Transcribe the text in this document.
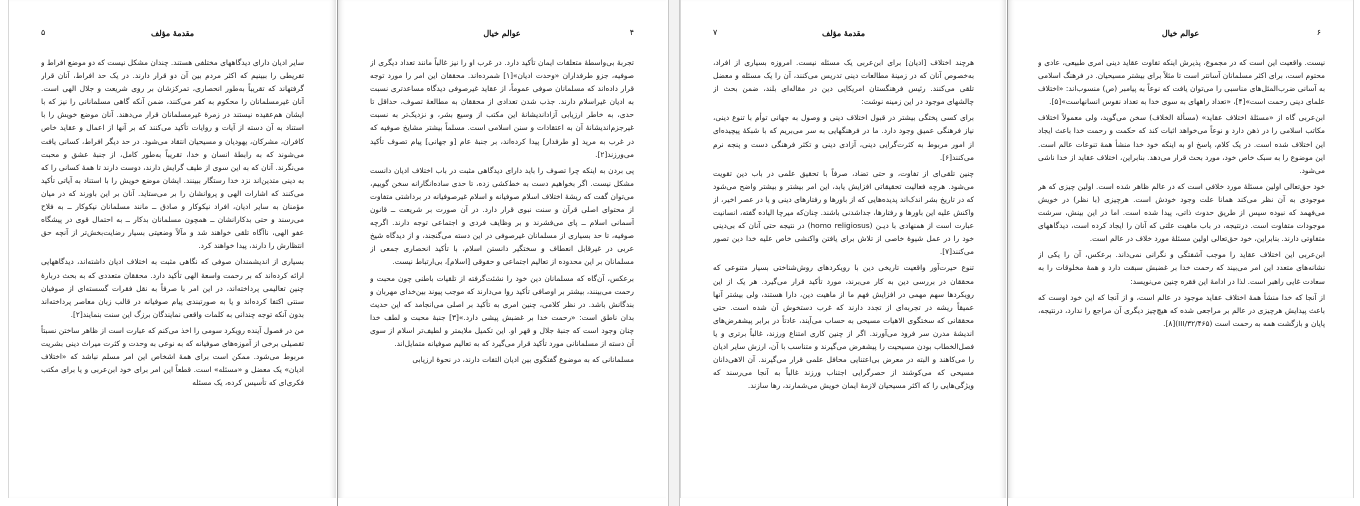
۵	مقدمهٔ مؤلف

سایر ادیان دارای دیدگاههای مختلفی هستند. چندان مشکل نیست که دو موضع افراط و تفریطی را ببینیم که اکثر مردم بین آن دو قرار دارند. در یک حد افراط، آنان قرار گرفتهاند که تقریباً به‌طور انحصاری، تمرکزشان بر روی شریعت و جلال الهی است. آنان غیرمسلمانان را محکوم به کفر می‌کنند، ضمن آنکه گاهی مسلمانانی را نیز که با ایشان هم‌عقیده نیستند در زمرهٔ غیرمسلمانان قرار می‌دهند. آنان موضع خویش را با استناد به آن دسته از آیات و روایات تأکید می‌کنند که بر آنها از اعمال و عقاید خاص کافران، مشرکان، یهودیان و مسیحیان انتقاد می‌شود. در حد دیگر افراط، کسانی یافت می‌شوند که به رابطهٔ انسان و خدا، تقریباً به‌طور کامل، از جنبهٔ عشق و محبت می‌نگرند. آنان که به این سوی از طیف گرایش دارند، دوست دارند تا همهٔ کسانی را که به دینی متدین‌اند نزد خدا رستگار ببینند. ایشان موضع خویش را با استناد به آیاتی تأکید می‌کنند که اشارات الهی و پروانشان را بر می‌ستاید. آنان بر این باورند که در میان مؤمنان به سایر ادیان، افراد نیکوکار و صادق ــ مانند مسلمانان نیکوکار ــ به فلاح می‌رسند و حتی بدکارانشان ــ همچون مسلمانان بدکار ــ به احتمال قوی در پیشگاه عفو الهی، ناآگاه تلقی خواهند شد و مآلاً وضعیتی بسیار رضایت‌بخش‌تر از آنچه حق انتظارش را دارند، پیدا خواهند کرد.

بسیاری از اندیشمندان صوفی که نگاهی مثبت به اختلاف ادیان داشته‌اند، دیدگاههایی ارائه کرده‌اند که بر رحمت واسعهٔ الهی تأکید دارد. محققان متعددی که به بحث دربارهٔ چنین تعالیمی پرداخته‌اند، در این امر با صرفاً به نقل فقرات گسسته‌ای از صوفیان سنتی اکتفا کرده‌اند و یا به صورتبندی پیام صوفیانه در قالب زبان معاصر پرداخته‌اند بدون آنکه توجه چندانی به کلمات واقعی نمایندگان برزگ این سنت بنمایند[۲].

من در فصول آینده رویکرد سومی را اخذ می‌کنم که عبارت است از ظاهر ساختن نسبتاً تفصیلی برخی از آموزه‌های صوفیانه که به نوعی به وحدت و کثرت میراث دینی بشریت مربوط می‌شود. ممکن است برای همهٔ اشخاص این امر مسلم نباشد که «اختلاف ادیان» یک معضل و «مسئله» است. قطعاً این امر برای خود ابن‌عربی و یا برای مکتب فکری‌ای که تأسیس کرده، یک مسئله

عوالم خیال	۴

تجربهٔ بی‌واسطهٔ متعلقات ایمان تأکید دارد. در غرب او را نیز غالباً مانند تعداد دیگری از صوفیه، جزو طرفداران «وحدت ادیان»[۱] شمرده‌اند. محققان این امر را مورد توجه قرار داده‌اند که مسلمانان صوفی عموماً، از عقاید غیرصوفی دیدگاه مساعدتری نسبت به ادیان غیراسلام دارند. جذب شدن تعدادی از محققان به مطالعهٔ تصوف، حداقل تا حدی، به خاطر ارزیابی آزاداندیشانهٔ این مکتب از وسیع بشر، و نزدیک‌تر به نسبت غیرجزم‌اندیشانهٔ آن به اعتقادات و سنن اسلامی است. مسلماً بیشتر مشایخ صوفیه که در غرب به مرید [و طرفدار] پیدا کرده‌اند، بر جنبهٔ عام [و جهانی] پیام تصوف تأکید می‌ورزند[۲].

پی بردن به اینکه چرا تصوف را باید دارای دیدگاهی مثبت در باب اختلاف ادیان دانست مشکل نیست. اگر بخواهیم دست به خط‌کشی زده، تا حدی ساده‌انگارانه سخن گوییم، می‌توان گفت که ریشهٔ اختلاف اسلام صوفیانه و اسلام غیرصوفیانه در برداشتی متفاوت از محتوای اصلی قرآن و سنت نبوی قرار دارد. در آن صورت بر شریعت ــ قانون آسمانی اسلام ــ پای می‌فشرند و بر وظایف فردی و اجتماعی توجه دارند. اگرچه صوفیه، تا حد بسیاری از مسلمانان غیرصوفی در این دسته می‌گنجند، و از دیدگاه شیخ عربی در غیرقابل انعطاف و سختگیر دانستن اسلام، با تأکید انحصاری جمعی از مسلمانان بر این محدوده از تعالیم اجتماعی و حقوقی [اسلام]، بی‌ارتباط نیست.

برعکس، آن‌گاه که مسلمانان دین خود را نشئت‌گرفته از تلقیات باطنی چون محبت و رحمت می‌بینند، بیشتر بر اوصافی تأکید روا می‌دارند که موجب پیوند بین‌خدای مهربان و بندگانش باشد. در نظر کلامی، چنین امری به تأکید بر اصلی می‌انجامد که این حدیث بدان ناطق است: «رحمت خدا بر غضبش پیشی دارد.»[۳] جنبهٔ محبت و لطف خدا چنان وجود است که جنبهٔ جلال و قهر او. این تکمیل ملایمتر و لطیف‌تر اسلام از سوی آن دسته از مسلمانانی مورد تأکید قرار می‌گیرد که به تعالیم صوفیانه متمایل‌اند.

مسلمانانی که به موضوع گفتگوی بین ادیان التفات دارند، در نحوهٔ ارزیابی

۷	مقدمهٔ مؤلف

هرچند اختلاف [ادیان] برای ابن‌عربی یک مسئله نیست. امروزه بسیاری از افراد، به‌خصوص آنان که در زمینهٔ مطالعات دینی تدریس می‌کنند، آن را یک مسئله و معضل تلقی می‌کنند. رئیس فرهنگستان امریکایی دین در مقاله‌ای بلند، ضمن بحث از چالشهای موجود در این زمینه نوشت:

برای کسی پختگی بیشتر در قبول اختلاف دینی و وصول به جهانی توأم با تنوع دینی، نیاز فرهنگی عمیق وجود دارد. ما در فرهنگهایی به سر می‌بریم که با شبکهٔ پیچیده‌ای از امور مربوط به کثرت‌گرایی دینی، آزادی دینی و تکثر فرهنگی دست و پنجه نرم می‌کنند[۶].

چنین تلقی‌ای از تفاوت، و حتی تضاد، صرفاً با تحقیق علمی در باب دین تقویت می‌شود. هرچه فعالیت تحقیقاتی افزایش یابد، این امر بیشتر و بیشتر واضح می‌شود که در تاریخ بشر اندک‌اند پدیده‌هایی که از باورها و رفتارهای دینی و یا در عصر اخیر، از واکنش علیه این باورها و رفتارها، جداشدنی باشند. چنان‌که میرچا الیاده گفته، انسانیت عبارت است از همنهادی با دیـن (homo religiosus) در نتیجه حتی آنان که بی‌دینی خود را در عمل شیوهٔ خاصی از تلاش برای یافتن واکنشی خاص علیه خدا دین تصور می‌کنند[۷].

تنوع حیرت‌آور واقعیت تاریخی دین با رویکردهای روش‌شناختی بسیار متنوعی که محققان در بررسی دین به کار می‌برند، مورد تأکید قرار می‌گیرد. هر یک از این رویکردها سهم مهمی در افزایش فهم ما از ماهیت دین، دارا هستند، ولی بیشتر آنها عمیقاً ریشه در تجربه‌ای از تجدد دارند که غرب دستخوش آن شده است. حتی محققانی که سختگوی الاهیات مسیحی به حساب می‌آیند، عادتاً در برابر پیشفرض‌های اندیشهٔ مدرن سر فرود می‌آورند. اگر از چنین کاری امتناع ورزند، غالباً برتری و یا فصل‌الخطاب بودن مسیحیت را پیشفرض می‌گیرند و متناسب با آن، ارزش سایر ادیان را می‌کاهند و البته در معرض بی‌اعتنایی محافل علمی قرار می‌گیرند. آن الاهی‌دانان مسیحی که می‌کوشند از حصرگرایی اجتناب ورزند غالباً به آنجا می‌رسند که ویژگی‌هایی را که اکثر مسیحیان لازمهٔ ایمان خویش می‌شمارند، رها سازند.

عوالم خیال	۶

نیست. واقعیت این است که در مجموع، پذیرش اینکه تفاوت عقاید دینی امری طبیعی، عادی و محتوم است، برای اکثر مسلمانان آسانتر است تا مثلاً برای بیشتر مسیحیان. در فرهنگ اسلامی به آسانی ضرب‌المثل‌های مناسبی را می‌توان یافت که نوعاً به پیامبر (ص) منسوب‌اند: «اختلاف علمای دینی رحمت است»[۴]، «تعداد راههای به سوی خدا به تعداد نفوس انسانهاست»[۵].

ابن‌عربی گاه از «مسئلهٔ اختلاف عقاید» (مسألة الخلاف) سخن می‌گوید، ولی معمولاً اختلاف مکاتب اسلامی را در ذهن دارد و نوعاً می‌خواهد اثبات کند که حکمت و رحمت خدا باعث ایجاد این اختلاف شده است. در یک کلام، پاسخ او به اینکه خود خدا منشأ همهٔ تنوعات عالم است. این موضوع را به سبک خاص خود، مورد بحث قرار می‌دهد. بنابراین، اختلاف عقاید از خدا ناشی می‌شود.

خود حق‌تعالی اولین مسئلهٔ مورد خلافی است که در عالم ظاهر شده است. اولین چیزی که هر موجودی به آن نظر می‌کند همانا علت وجود خودش است. هرچیزی (با نظر) در خویش می‌فهمد که نبوده سپس از طریق حدوث ذاتی، پیدا شده است. اما در این بینش، سرشت موجودات متفاوت است. درنتیجه، در باب ماهیت علتی که آنان را ایجاد کرده است، دیدگاههای متفاوتی دارند. بنابراین، خود حق‌تعالی اولین مسئلهٔ مورد خلاف در عالم است.

ابن‌عربی این اختلاف عقاید را موجب آشفتگی و نگرانی نمی‌داند. برعکس، آن را یکی از نشانه‌های متعدد این امر می‌بیند که رحمت خدا بر غضبش سبقت دارد و همهٔ مخلوقات را به سعادت غایی راهبر است. لذا در ادامهٔ این فقره چنین می‌نویسد:

از آنجا که خدا منشأ همهٔ اختلاف عقاید موجود در عالم است، و از آنجا که این خود اوست که باعث پیدایش هرچیزی در عالم بر مراجعی شده که هیچ‌چیز دیگری آن مراجع را ندارد، درنتیجه، پایان و بازگشت همه به رحمت است (۳۲/۴۶۵/III)[۸].
